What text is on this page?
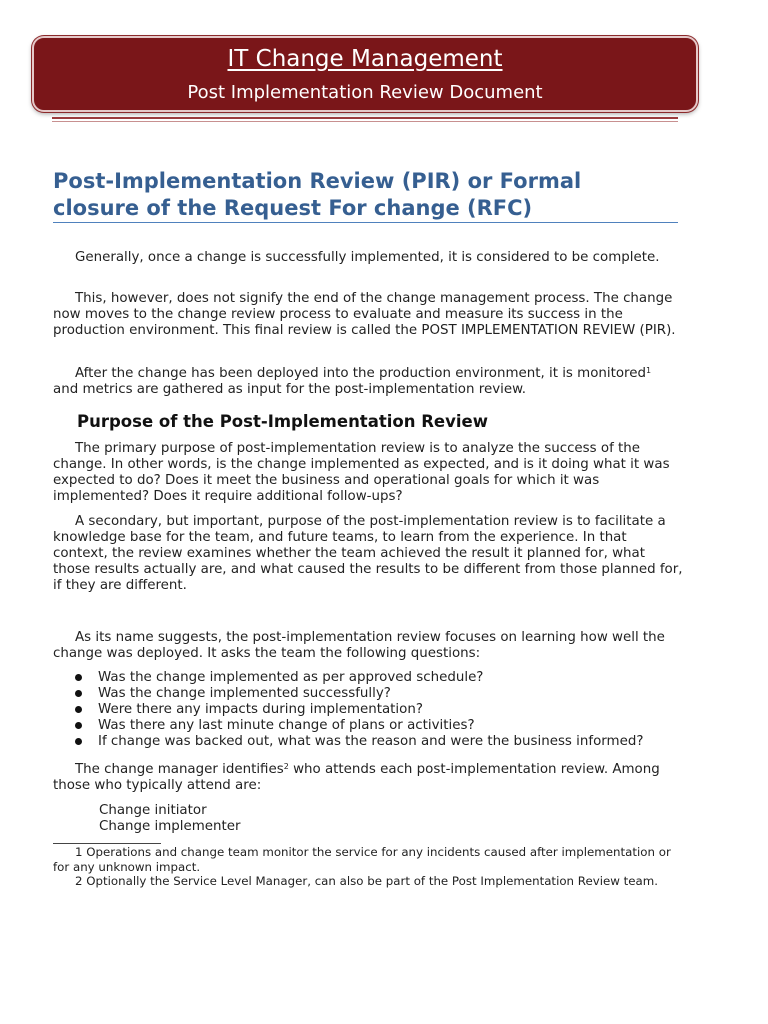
IT Change Management
Post Implementation Review Document
Post-Implementation Review (PIR) or Formal
closure of the Request For change (RFC)

Generally, once a change is successfully implemented, it is considered to be complete.

This, however, does not signify the end of the change management process. The change now moves to the change review process to evaluate and measure its success in the production environment. This final review is called the POST IMPLEMENTATION REVIEW (PIR).

After the change has been deployed into the production environment, it is monitored$^1$
and metrics are gathered as input for the post-implementation review.

Purpose of the Post-Implementation Review

The primary purpose of post-implementation review is to analyze the success of the change. In other words, is the change implemented as expected, and is it doing what it was expected to do? Does it meet the business and operational goals for which it was implemented? Does it require additional follow-ups?

A secondary, but important, purpose of the post-implementation review is to facilitate a knowledge base for the team, and future teams, to learn from the experience. In that context, the review examines whether the team achieved the result it planned for, what those results actually are, and what caused the results to be different from those planned for, if they are different.

As its name suggests, the post-implementation review focuses on learning how well the change was deployed. It asks the team the following questions:

Was the change implemented as per approved schedule?
Was the change implemented successfully?
Were there any impacts during implementation?
Was there any last minute change of plans or activities?
If change was backed out, what was the reason and were the business informed?

The change manager identifies$^2$ who attends each post-implementation review. Among those who typically attend are:

Change initiator
Change implementer

1 Operations and change team monitor the service for any incidents caused after implementation or for any unknown impact.

2 Optionally the Service Level Manager, can also be part of the Post Implementation Review team.
